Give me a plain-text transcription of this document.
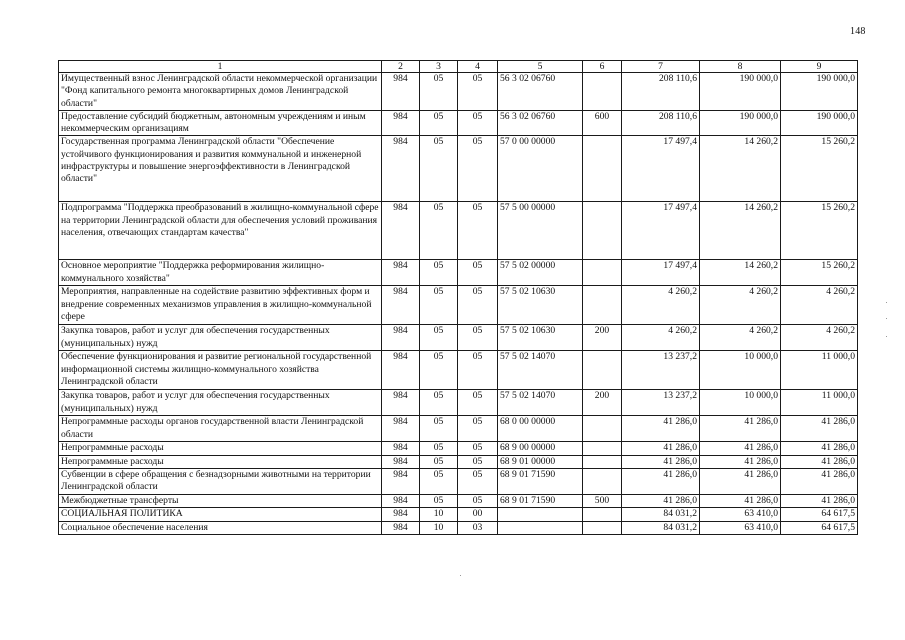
148
1	2	3	4	5	6	7	8	9
Имущественный взнос Ленинградской области некоммерческой организации "Фонд капитального ремонта многоквартирных домов Ленинградской области"	984	05	05	56 3 02 06760		208 110,6	190 000,0	190 000,0
Предоставление субсидий бюджетным, автономным учреждениям и иным некоммерческим организациям	984	05	05	56 3 02 06760	600	208 110,6	190 000,0	190 000,0
Государственная программа Ленинградской области "Обеспечение устойчивого функционирования и развития коммунальной и инженерной инфраструктуры и повышение энергоэффективности в Ленинградской области"	984	05	05	57 0 00 00000		17 497,4	14 260,2	15 260,2
Подпрограмма "Поддержка преобразований в жилищно-коммунальной сфере на территории Ленинградской области для обеспечения условий проживания населения, отвечающих стандартам качества"	984	05	05	57 5 00 00000		17 497,4	14 260,2	15 260,2
Основное мероприятие "Поддержка реформирования жилищно-коммунального хозяйства"	984	05	05	57 5 02 00000		17 497,4	14 260,2	15 260,2
Мероприятия, направленные на содействие развитию эффективных форм и внедрение современных механизмов управления в жилищно-коммунальной сфере	984	05	05	57 5 02 10630		4 260,2	4 260,2	4 260,2
Закупка товаров, работ и услуг для обеспечения государственных (муниципальных) нужд	984	05	05	57 5 02 10630	200	4 260,2	4 260,2	4 260,2
Обеспечение функционирования и развитие региональной государственной информационной системы жилищно-коммунального хозяйства Ленинградской области	984	05	05	57 5 02 14070		13 237,2	10 000,0	11 000,0
Закупка товаров, работ и услуг для обеспечения государственных (муниципальных) нужд	984	05	05	57 5 02 14070	200	13 237,2	10 000,0	11 000,0
Непрограммные расходы органов государственной власти Ленинградской области	984	05	05	68 0 00 00000		41 286,0	41 286,0	41 286,0
Непрограммные расходы	984	05	05	68 9 00 00000		41 286,0	41 286,0	41 286,0
Непрограммные расходы	984	05	05	68 9 01 00000		41 286,0	41 286,0	41 286,0
Субвенции в сфере обращения с безнадзорными животными на территории Ленинградской области	984	05	05	68 9 01 71590		41 286,0	41 286,0	41 286,0
Межбюджетные трансферты	984	05	05	68 9 01 71590	500	41 286,0	41 286,0	41 286,0
СОЦИАЛЬНАЯ ПОЛИТИКА	984	10	00			84 031,2	63 410,0	64 617,5
Социальное обеспечение населения	984	10	03			84 031,2	63 410,0	64 617,5
